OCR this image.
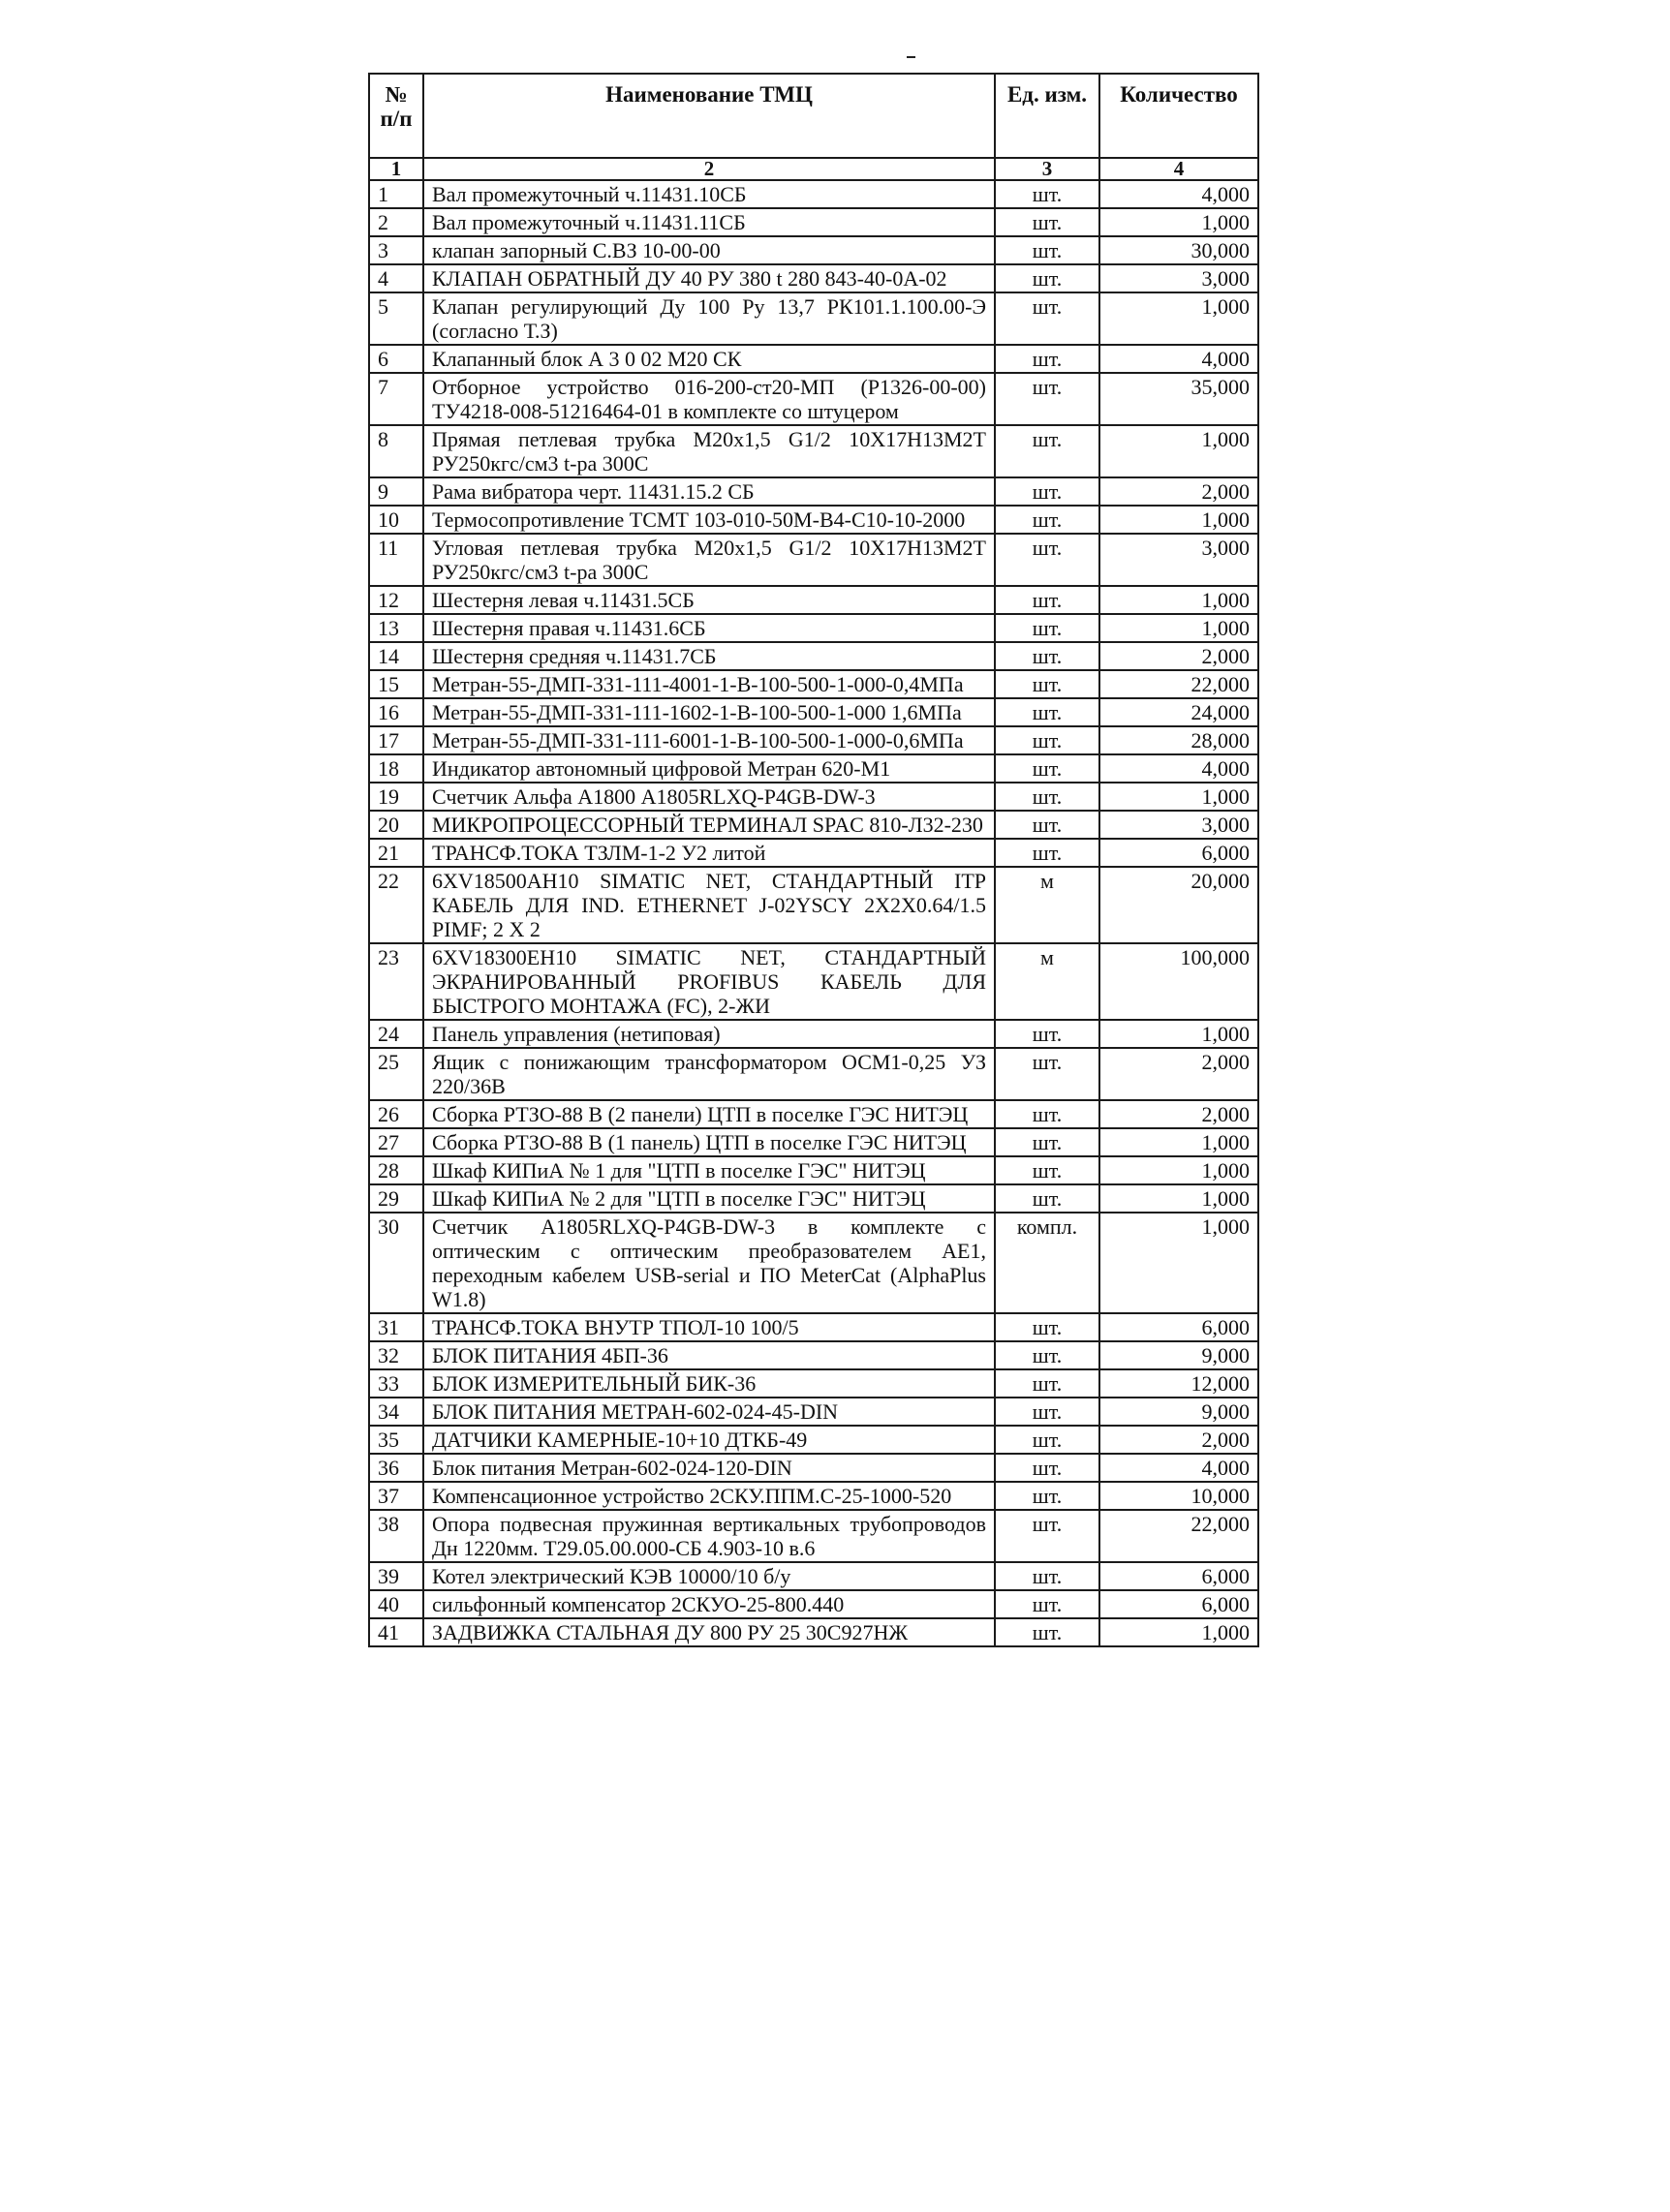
№ п/п	Наименование ТМЦ	Ед. изм.	Количество
1	2	3	4
1	Вал промежуточный ч.11431.10СБ	шт.	4,000
2	Вал промежуточный ч.11431.11СБ	шт.	1,000
3	клапан запорный С.ВЗ 10-00-00	шт.	30,000
4	КЛАПАН ОБРАТНЫЙ ДУ 40 РУ 380 t 280 843-40-0А-02	шт.	3,000
5	Клапан регулирующий Ду 100 Ру 13,7 РК101.1.100.00-Э (согласно Т.З)	шт.	1,000
6	Клапанный блок А 3 0 02 М20 СК	шт.	4,000
7	Отборное устройство 016-200-ст20-МП (Р1326-00-00) ТУ4218-008-51216464-01 в комплекте со штуцером	шт.	35,000
8	Прямая петлевая трубка М20х1,5 G1/2 10Х17Н13М2Т РУ250кгс/см3 t-ра 300С	шт.	1,000
9	Рама вибратора черт. 11431.15.2 СБ	шт.	2,000
10	Термосопротивление ТСМТ 103-010-50М-В4-С10-10-2000	шт.	1,000
11	Угловая петлевая трубка М20х1,5 G1/2 10Х17Н13М2Т РУ250кгс/см3 t-ра 300С	шт.	3,000
12	Шестерня левая ч.11431.5СБ	шт.	1,000
13	Шестерня правая ч.11431.6СБ	шт.	1,000
14	Шестерня средняя ч.11431.7СБ	шт.	2,000
15	Метран-55-ДМП-331-111-4001-1-В-100-500-1-000-0,4МПа	шт.	22,000
16	Метран-55-ДМП-331-111-1602-1-В-100-500-1-000 1,6МПа	шт.	24,000
17	Метран-55-ДМП-331-111-6001-1-В-100-500-1-000-0,6МПа	шт.	28,000
18	Индикатор автономный цифровой Метран 620-М1	шт.	4,000
19	Счетчик Альфа А1800 А1805RLXQ-P4GB-DW-3	шт.	1,000
20	МИКРОПРОЦЕССОРНЫЙ ТЕРМИНАЛ SPAC 810-Л32-230	шт.	3,000
21	ТРАНСФ.ТОКА ТЗЛМ-1-2 У2 литой	шт.	6,000
22	6XV18500АН10 SIMATIC NET, СТАНДАРТНЫЙ ITP КАБЕЛЬ ДЛЯ IND. ETHERNET J-02YSCY 2Х2Х0.64/1.5 PIMF; 2 Х 2	м	20,000
23	6XV18300ЕН10 SIMATIC NET, СТАНДАРТНЫЙ ЭКРАНИРОВАННЫЙ PROFIBUS КАБЕЛЬ ДЛЯ БЫСТРОГО МОНТАЖА (FC), 2-ЖИ	м	100,000
24	Панель управления (нетиповая)	шт.	1,000
25	Ящик с понижающим трансформатором ОСМ1-0,25 УЗ 220/36В	шт.	2,000
26	Сборка РТЗО-88 В (2 панели) ЦТП в поселке ГЭС НИТЭЦ	шт.	2,000
27	Сборка РТЗО-88 В (1 панель) ЦТП в поселке ГЭС НИТЭЦ	шт.	1,000
28	Шкаф КИПиА № 1 для "ЦТП в поселке ГЭС" НИТЭЦ	шт.	1,000
29	Шкаф КИПиА № 2 для "ЦТП в поселке ГЭС" НИТЭЦ	шт.	1,000
30	Счетчик А1805RLXQ-P4GB-DW-3 в комплекте с оптическим с оптическим преобразователем АЕ1, переходным кабелем USB-serial и ПО MeterCat (AlphaPlus W1.8)	компл.	1,000
31	ТРАНСФ.ТОКА ВНУТР ТПОЛ-10 100/5	шт.	6,000
32	БЛОК ПИТАНИЯ 4БП-36	шт.	9,000
33	БЛОК ИЗМЕРИТЕЛЬНЫЙ БИК-36	шт.	12,000
34	БЛОК ПИТАНИЯ МЕТРАН-602-024-45-DIN	шт.	9,000
35	ДАТЧИКИ КАМЕРНЫЕ-10+10 ДТКБ-49	шт.	2,000
36	Блок питания Метран-602-024-120-DIN	шт.	4,000
37	Компенсационное устройство 2СКУ.ППМ.С-25-1000-520	шт.	10,000
38	Опора подвесная пружинная вертикальных трубопроводов Дн 1220мм. Т29.05.00.000-СБ 4.903-10 в.6	шт.	22,000
39	Котел электрический КЭВ 10000/10 б/у	шт.	6,000
40	сильфонный компенсатор 2СКУО-25-800.440	шт.	6,000
41	ЗАДВИЖКА СТАЛЬНАЯ ДУ 800 РУ 25 30С927НЖ	шт.	1,000
